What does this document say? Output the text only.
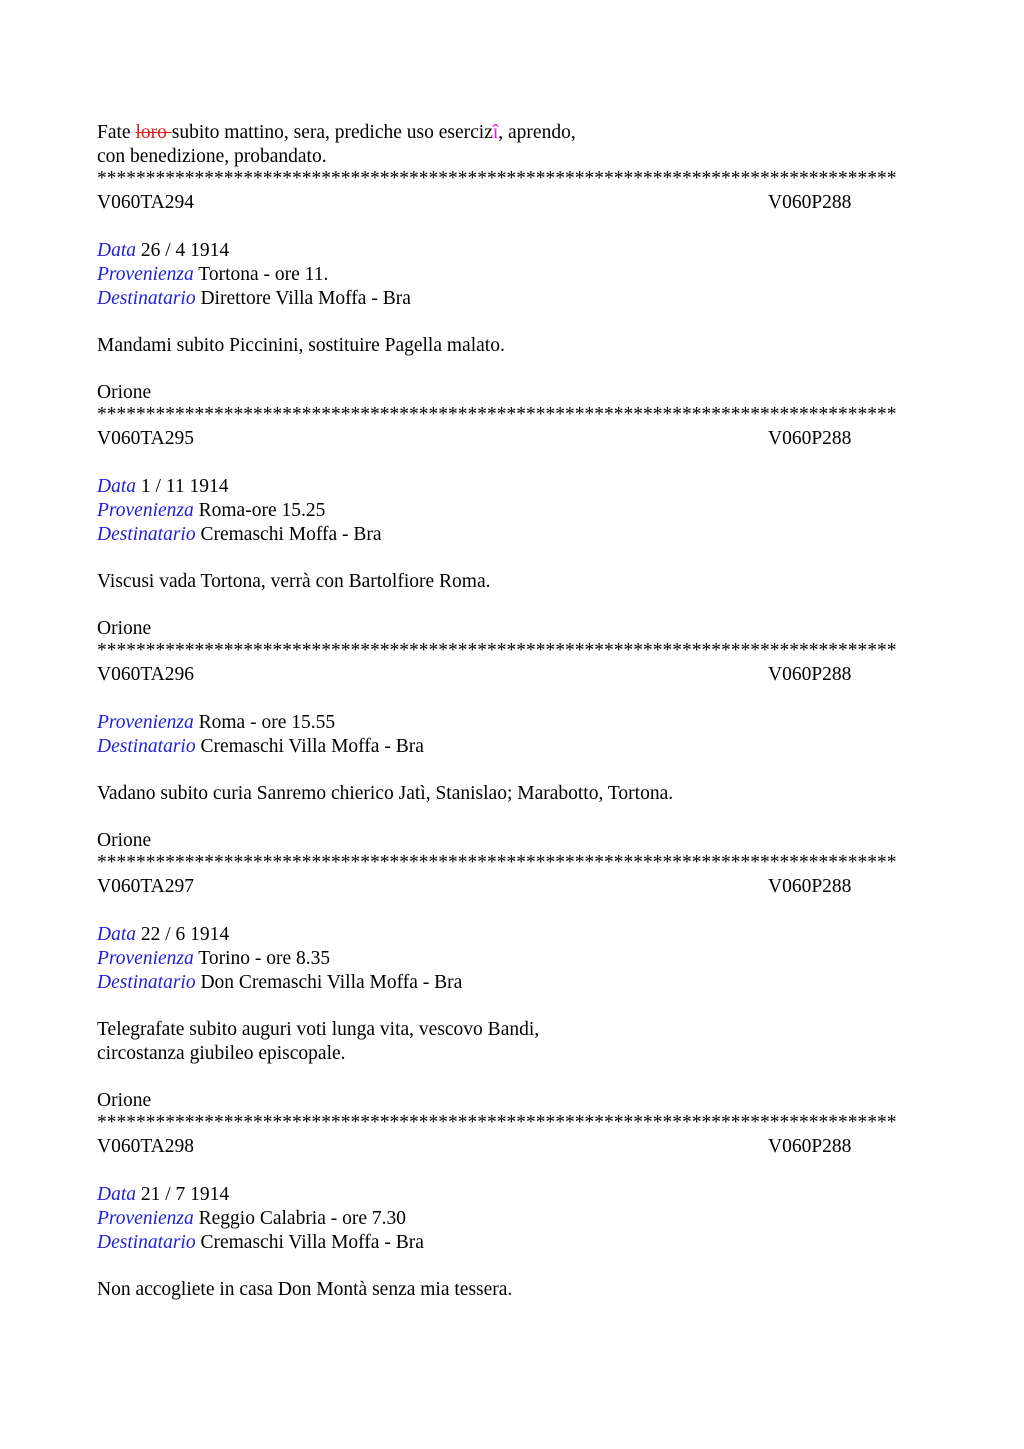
Fate loro subito mattino, sera, prediche uso esercizî, aprendo,
con benedizione, probandato.
**********************************************************************************
V060TA294	V060P288
Data 26 / 4 1914
Provenienza Tortona - ore 11.
Destinatario Direttore Villa Moffa - Bra
Mandami subito Piccinini, sostituire Pagella malato.
Orione
**********************************************************************************
V060TA295	V060P288
Data 1 / 11 1914
Provenienza Roma-ore 15.25
Destinatario Cremaschi Moffa - Bra
Viscusi vada Tortona, verrà con Bartolfiore Roma.
Orione
**********************************************************************************
V060TA296	V060P288
Provenienza Roma - ore 15.55
Destinatario Cremaschi Villa Moffa - Bra
Vadano subito curia Sanremo chierico Jatì, Stanislao; Marabotto, Tortona.
Orione
**********************************************************************************
V060TA297	V060P288
Data 22 / 6 1914
Provenienza Torino - ore 8.35
Destinatario Don Cremaschi Villa Moffa - Bra
Telegrafate subito auguri voti lunga vita, vescovo Bandi,
circostanza giubileo episcopale.
Orione
**********************************************************************************
V060TA298	V060P288
Data 21 / 7 1914
Provenienza Reggio Calabria - ore 7.30
Destinatario Cremaschi Villa Moffa - Bra
Non accogliete in casa Don Montà senza mia tessera.
